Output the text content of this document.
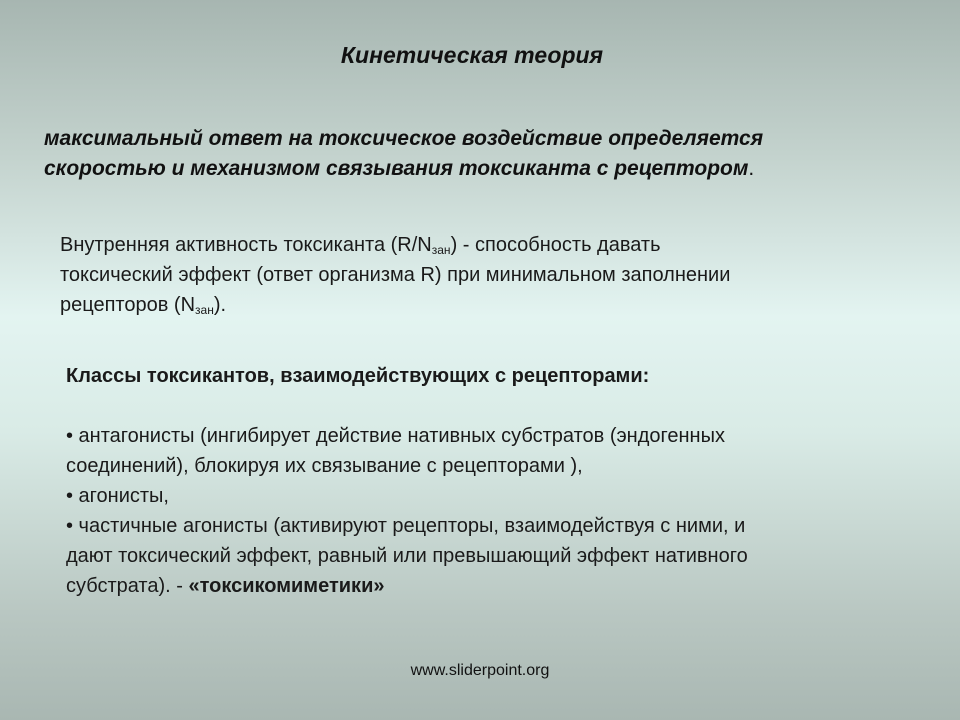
Кинетическая теория
максимальный ответ на токсическое воздействие определяется
скоростью и механизмом связывания токсиканта с рецептором.
Внутренняя активность токсиканта $(R/N_{зан})$ - способность давать
токсический эффект (ответ организма R) при минимальном заполнении
рецепторов $(N_{зан})$.
Классы токсикантов, взаимодействующих с рецепторами:
• антагонисты (ингибирует действие нативных субстратов (эндогенных
соединений), блокируя их связывание с рецепторами ),
• агонисты,
• частичные агонисты (активируют рецепторы, взаимодействуя с ними, и
дают токсический эффект, равный или превышающий эффект нативного
субстрата). - «токсикомиметики»
www.sliderpoint.org
